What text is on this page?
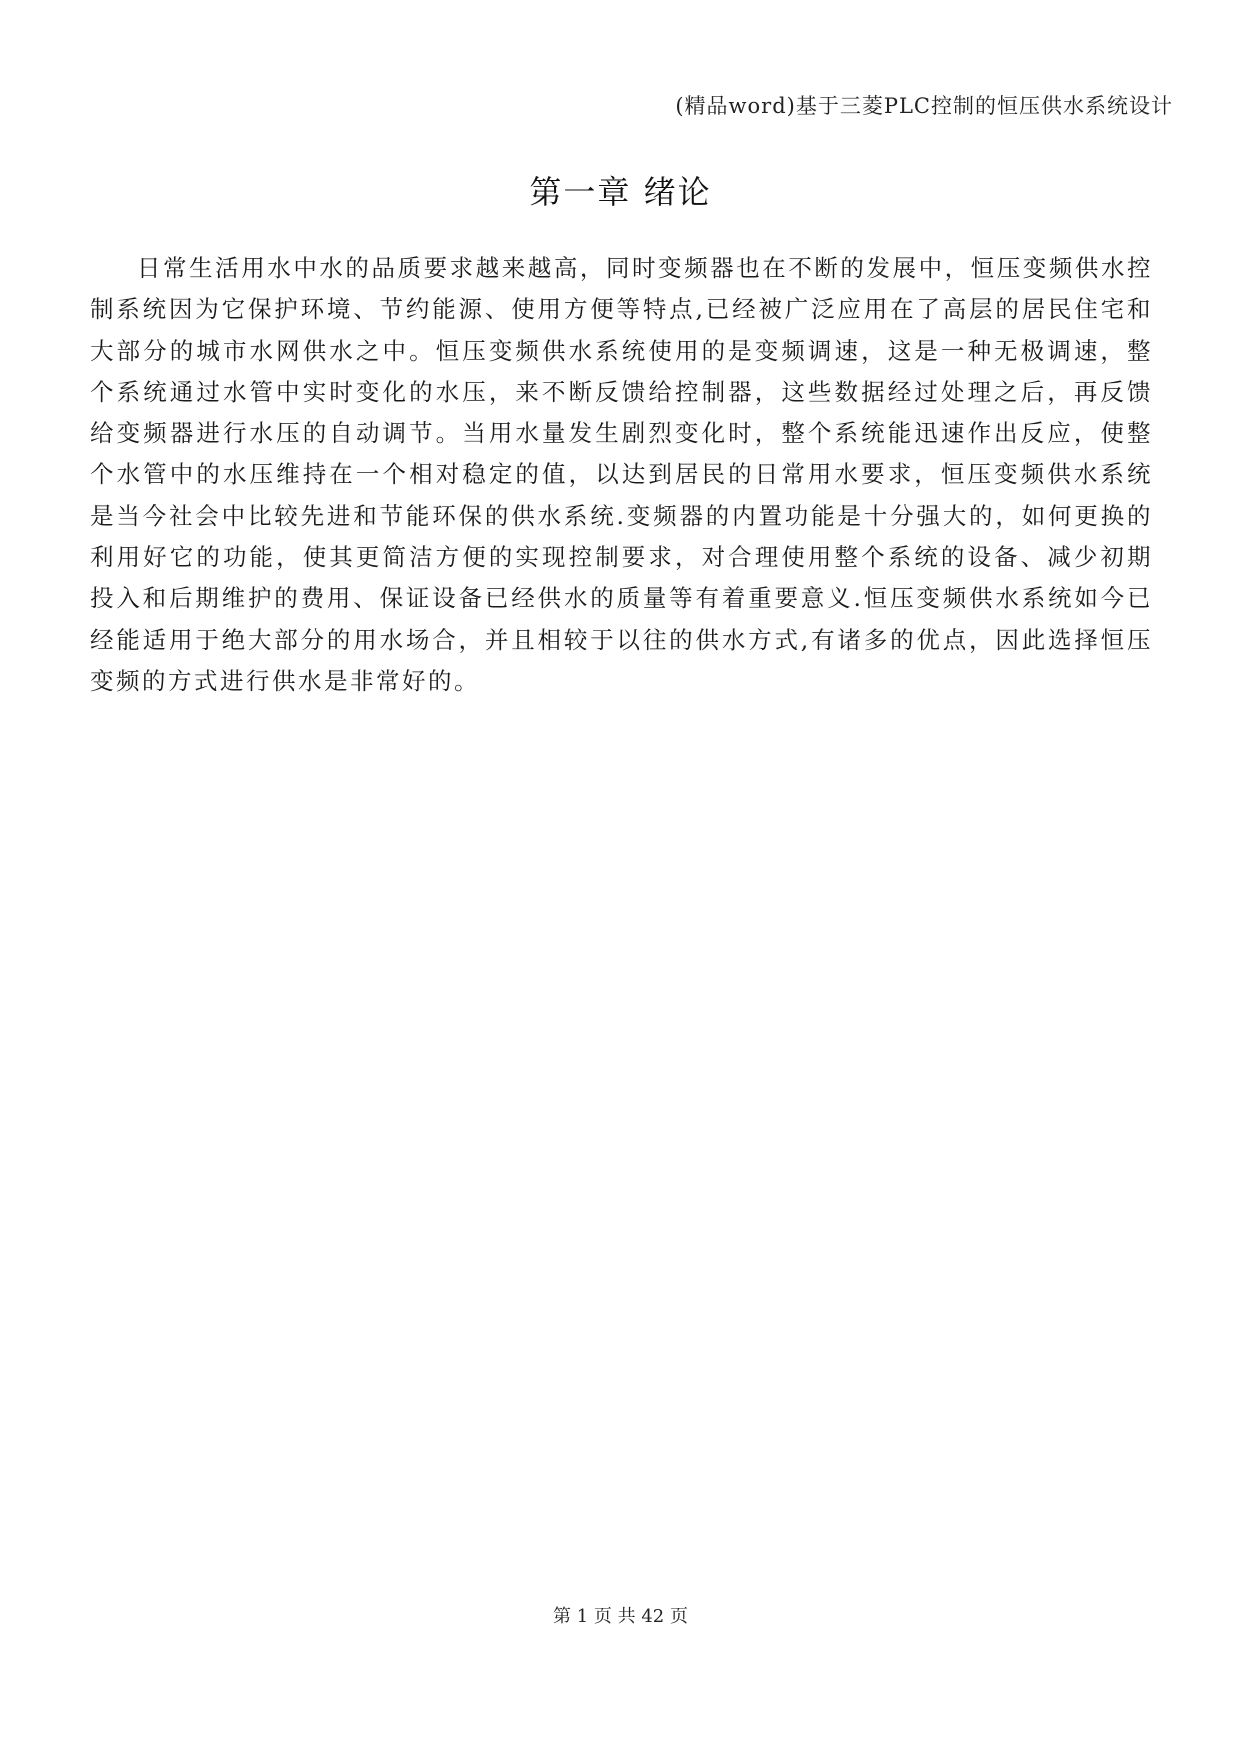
(精品word)基于三菱PLC控制的恒压供水系统设计
第一章 绪论

日常生活用水中水的品质要求越来越高，同时变频器也在不断的发展中，恒压变频供水控制系统因为它保护环境、节约能源、使用方便等特点,已经被广泛应用在了高层的居民住宅和大部分的城市水网供水之中。恒压变频供水系统使用的是变频调速，这是一种无极调速，整个系统通过水管中实时变化的水压，来不断反馈给控制器，这些数据经过处理之后，再反馈给变频器进行水压的自动调节。当用水量发生剧烈变化时，整个系统能迅速作出反应，使整个水管中的水压维持在一个相对稳定的值，以达到居民的日常用水要求，恒压变频供水系统是当今社会中比较先进和节能环保的供水系统.变频器的内置功能是十分强大的，如何更换的利用好它的功能，使其更简洁方便的实现控制要求，对合理使用整个系统的设备、减少初期投入和后期维护的费用、保证设备已经供水的质量等有着重要意义.恒压变频供水系统如今已经能适用于绝大部分的用水场合，并且相较于以往的供水方式,有诸多的优点，因此选择恒压变频的方式进行供水是非常好的。

第 1 页 共 42 页
